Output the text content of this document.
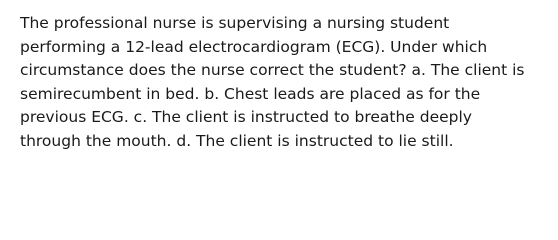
The professional nurse is supervising a nursing student
performing a 12-lead electrocardiogram (ECG). Under which
circumstance does the nurse correct the student? a. The client is
semirecumbent in bed. b. Chest leads are placed as for the
previous ECG. c. The client is instructed to breathe deeply
through the mouth. d. The client is instructed to lie still.
